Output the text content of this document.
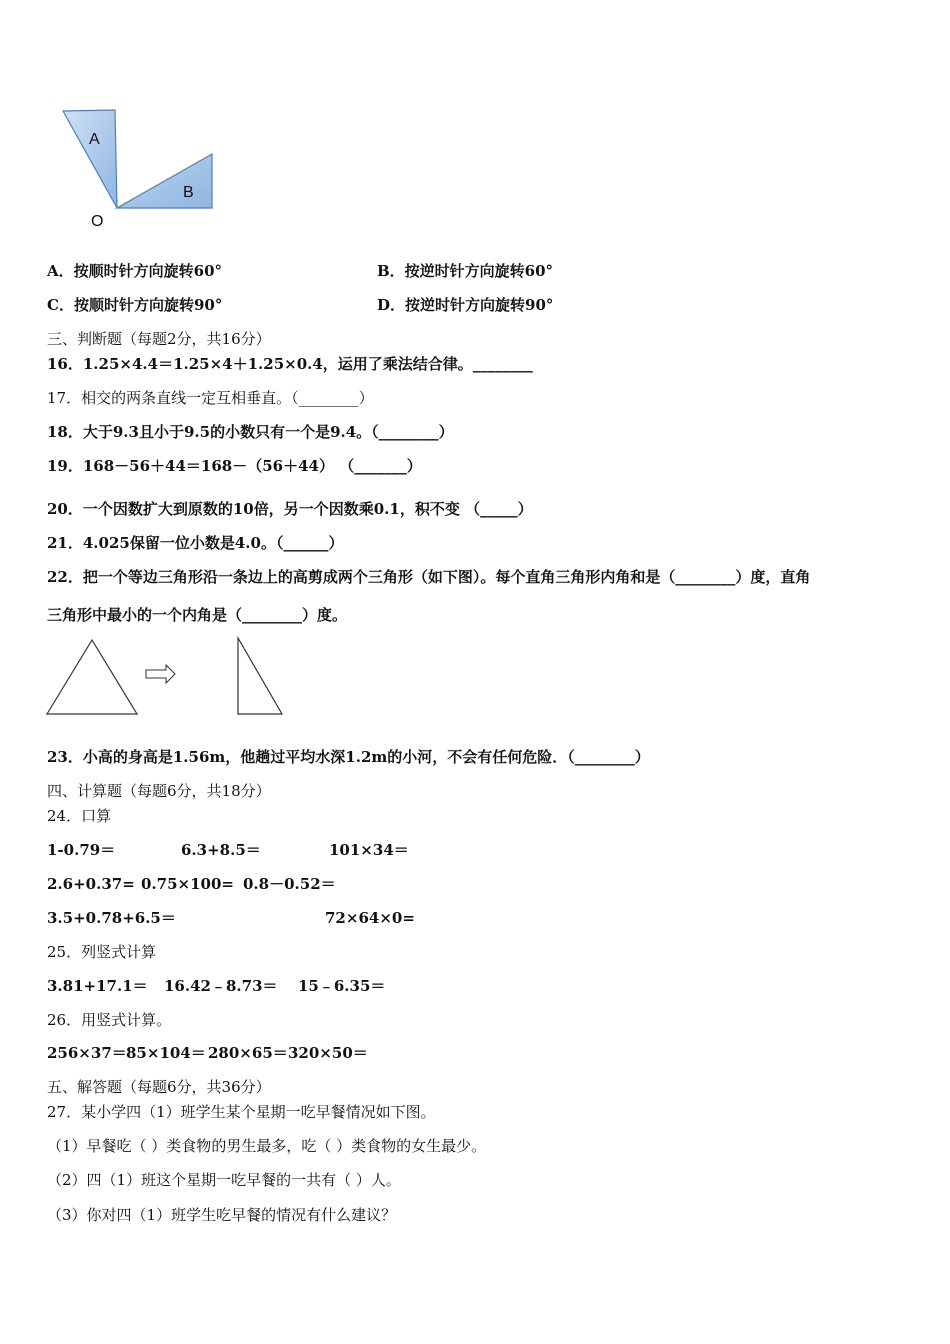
A
B
O
A．按顺时针方向旋转60°	B．按逆时针方向旋转60°
C．按顺时针方向旋转90°	D．按逆时针方向旋转90°
三、判断题（每题2分，共16分）
16．1.25×4.4＝1.25×4＋1.25×0.4，运用了乘法结合律。________
17．相交的两条直线一定互相垂直。（________）
18．大于9.3且小于9.5的小数只有一个是9.4。（________）
19．168－56＋44＝168－（56＋44） （_______）
20．一个因数扩大到原数的10倍，另一个因数乘0.1，积不变 （_____）
21．4.025保留一位小数是4.0。（______）
22．把一个等边三角形沿一条边上的高剪成两个三角形（如下图）。每个直角三角形内角和是（________）度，直角
三角形中最小的一个内角是（________）度。
23．小高的身高是1.56m，他趟过平均水深1.2m的小河，不会有任何危险．（________）
四、计算题（每题6分，共18分）
24．口算
1-0.79＝	6.3+8.5＝	101×34＝
2.6+0.37= 0.75×100= 0.8－0.52＝
3.5+0.78+6.5＝	72×64×0=
25．列竖式计算
3.81+17.1＝ 16.42﹣8.73＝ 15﹣6.35＝
26．用竖式计算。
256×37＝ 85×104＝ 280×65＝ 320×50＝
五、解答题（每题6分，共36分）
27．某小学四（1）班学生某个星期一吃早餐情况如下图。
（1）早餐吃（ ）类食物的男生最多，吃（ ）类食物的女生最少。
（2）四（1）班这个星期一吃早餐的一共有（ ）人。
（3）你对四（1）班学生吃早餐的情况有什么建议？
